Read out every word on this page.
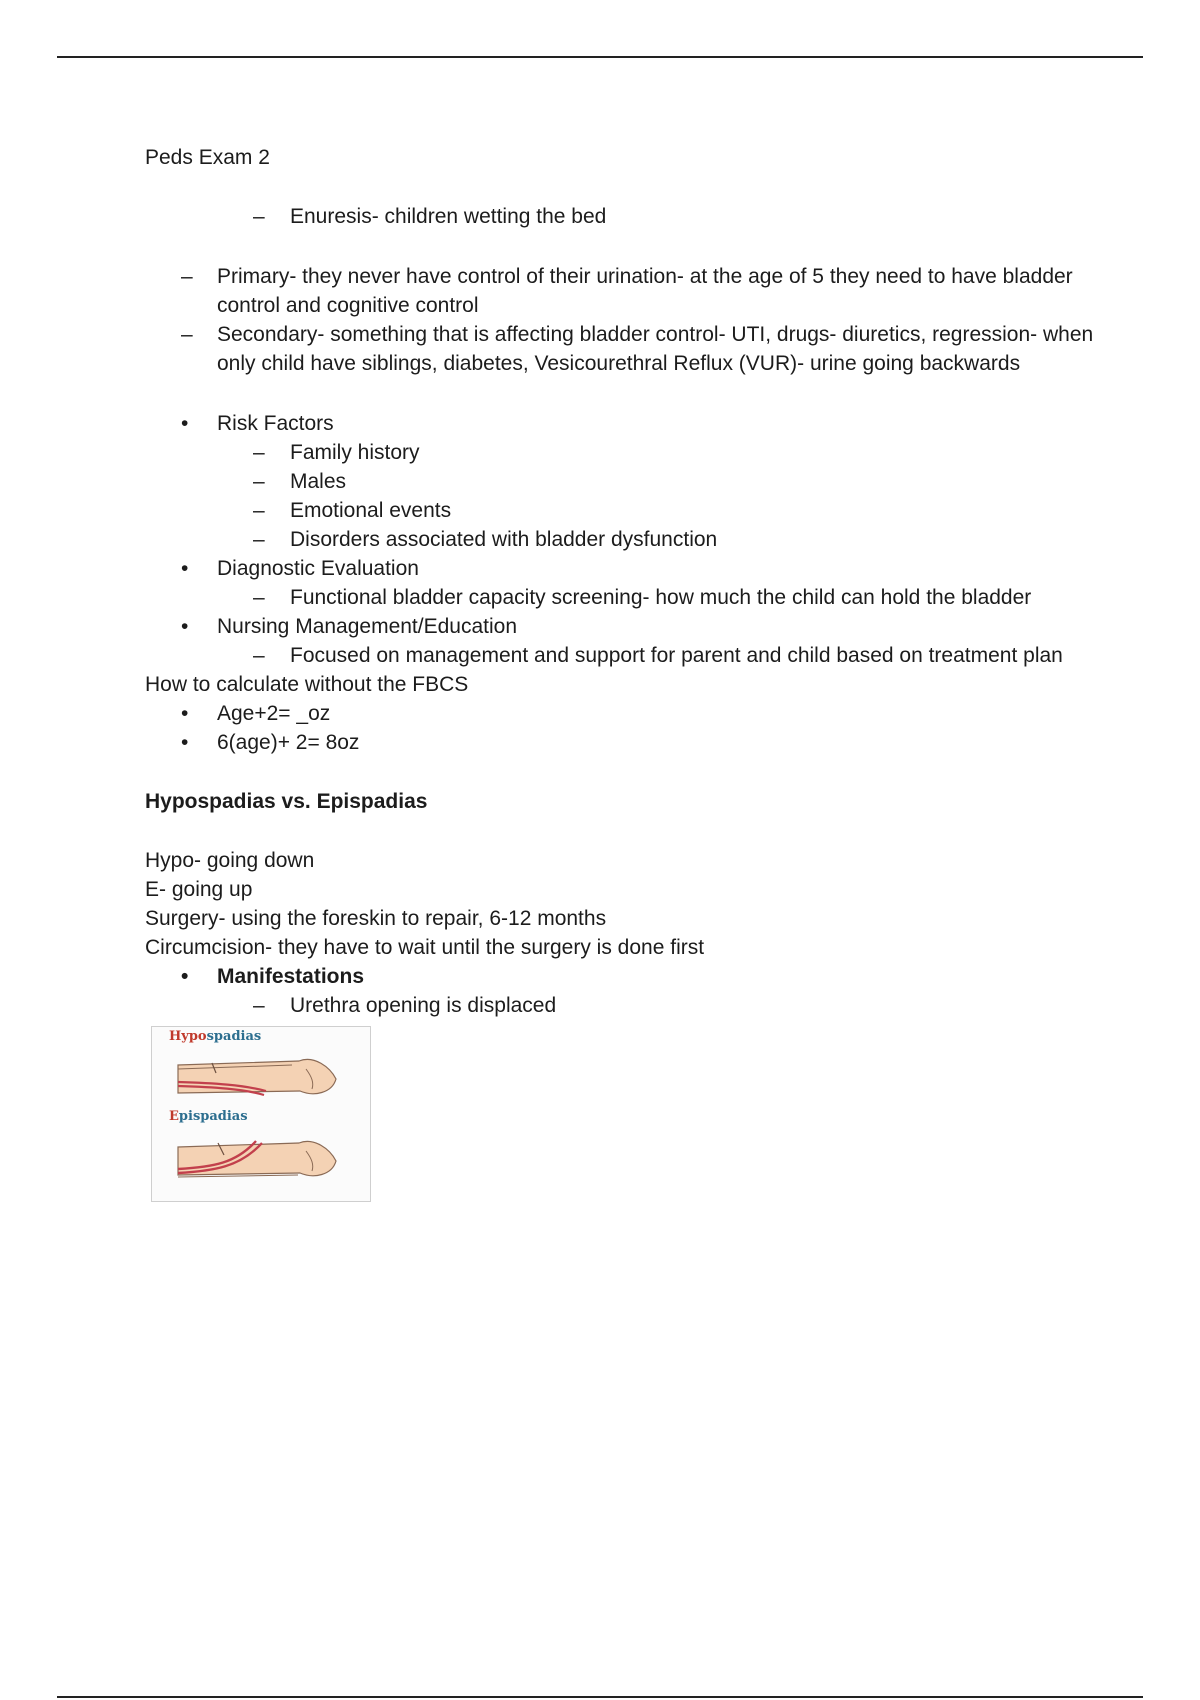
Peds Exam 2
– Enuresis- children wetting the bed
– Primary- they never have control of their urination- at the age of 5 they need to have bladder control and cognitive control
– Secondary- something that is affecting bladder control- UTI, drugs- diuretics, regression- when only child have siblings, diabetes, Vesicourethral Reflux (VUR)- urine going backwards
• Risk Factors
– Family history
– Males
– Emotional events
– Disorders associated with bladder dysfunction
• Diagnostic Evaluation
– Functional bladder capacity screening- how much the child can hold the bladder
• Nursing Management/Education
– Focused on management and support for parent and child based on treatment plan
How to calculate without the FBCS
• Age+2= _oz
• 6(age)+ 2= 8oz
Hypospadias vs. Epispadias
Hypo- going down
E- going up
Surgery- using the foreskin to repair, 6-12 months
Circumcision- they have to wait until the surgery is done first
• Manifestations
– Urethra opening is displaced
Hypospadias
Epispadias
